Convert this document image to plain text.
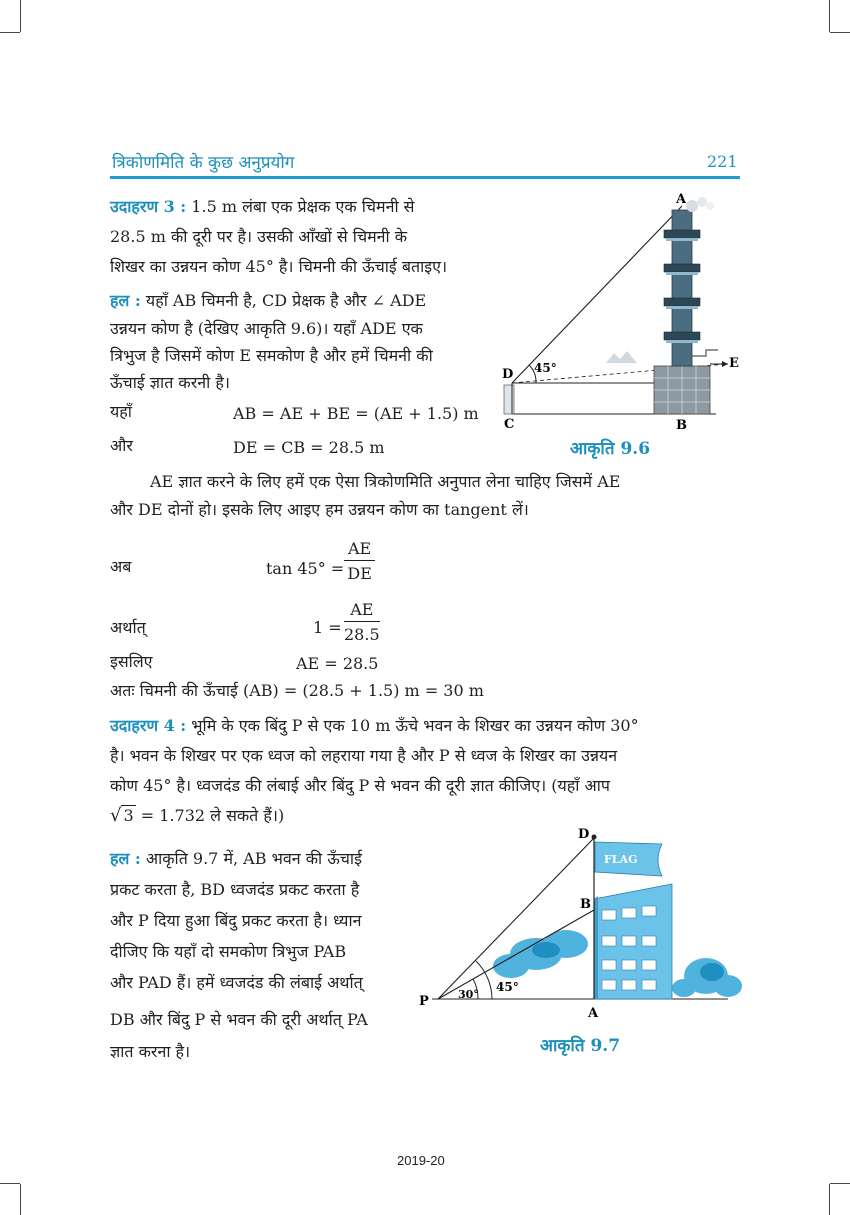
त्रिकोणमिति के कुछ अनुप्रयोग	221
उदाहरण 3 : 1.5 m लंबा एक प्रेक्षक एक चिमनी से
28.5 m की दूरी पर है। उसकी आँखों से चिमनी के
शिखर का उन्नयन कोण 45° है। चिमनी की ऊँचाई बताइए।
हल : यहाँ AB चिमनी है, CD प्रेक्षक है और ∠ ADE
उन्नयन कोण है (देखिए आकृति 9.6)। यहाँ ADE एक
त्रिभुज है जिसमें कोण E समकोण है और हमें चिमनी की
ऊँचाई ज्ञात करनी है।
यहाँ	AB = AE + BE = (AE + 1.5) m
और	DE = CB = 28.5 m
A
E
D
C	B
45°
आकृति 9.6
AE ज्ञात करने के लिए हमें एक ऐसा त्रिकोणमिति अनुपात लेना चाहिए जिसमें AE
और DE दोनों हो। इसके लिए आइए हम उन्नयन कोण का tangent लें।
अब	$\tan 45^\circ = \frac{AE}{DE}$
अर्थात्	$1 = \frac{AE}{28.5}$
इसलिए	AE = 28.5
अतः चिमनी की ऊँचाई (AB) = (28.5 + 1.5) m = 30 m
उदाहरण 4 : भूमि के एक बिंदु P से एक 10 m ऊँचे भवन के शिखर का उन्नयन कोण 30°
है। भवन के शिखर पर एक ध्वज को लहराया गया है और P से ध्वज के शिखर का उन्नयन
कोण 45° है। ध्वजदंड की लंबाई और बिंदु P से भवन की दूरी ज्ञात कीजिए। (यहाँ आप
√ 3 = 1.732 ले सकते हैं।)
हल : आकृति 9.7 में, AB भवन की ऊँचाई
प्रकट करता है, BD ध्वजदंड प्रकट करता है
और P दिया हुआ बिंदु प्रकट करता है। ध्यान
दीजिए कि यहाँ दो समकोण त्रिभुज PAB
और PAD हैं। हमें ध्वजदंड की लंबाई अर्थात्
DB और बिंदु P से भवन की दूरी अर्थात् PA
ज्ञात करना है।
FLAG
P
A
B
D
30°
45°
आकृति 9.7
2019-20
